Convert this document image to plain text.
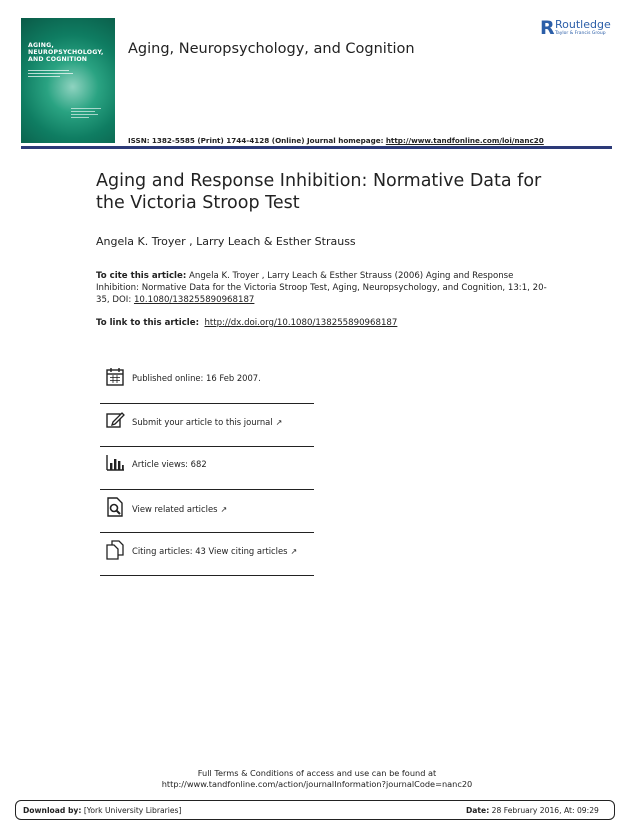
AGING,
NEUROPSYCHOLOGY,
AND COGNITION
Aging, Neuropsychology, and Cognition
R Routledge
Taylor & Francis Group
ISSN: 1382-5585 (Print) 1744-4128 (Online) Journal homepage: http://www.tandfonline.com/loi/nanc20
Aging and Response Inhibition: Normative Data for the Victoria Stroop Test
Angela K. Troyer , Larry Leach & Esther Strauss
To cite this article: Angela K. Troyer , Larry Leach & Esther Strauss (2006) Aging and Response Inhibition: Normative Data for the Victoria Stroop Test, Aging, Neuropsychology, and Cognition, 13:1, 20-35, DOI: 10.1080/138255890968187
To link to this article: http://dx.doi.org/10.1080/138255890968187
Published online: 16 Feb 2007.
Submit your article to this journal ↗
Article views: 682
View related articles ↗
Citing articles: 43 View citing articles ↗
Full Terms & Conditions of access and use can be found at
http://www.tandfonline.com/action/journalInformation?journalCode=nanc20
Download by: [York University Libraries]	Date: 28 February 2016, At: 09:29
